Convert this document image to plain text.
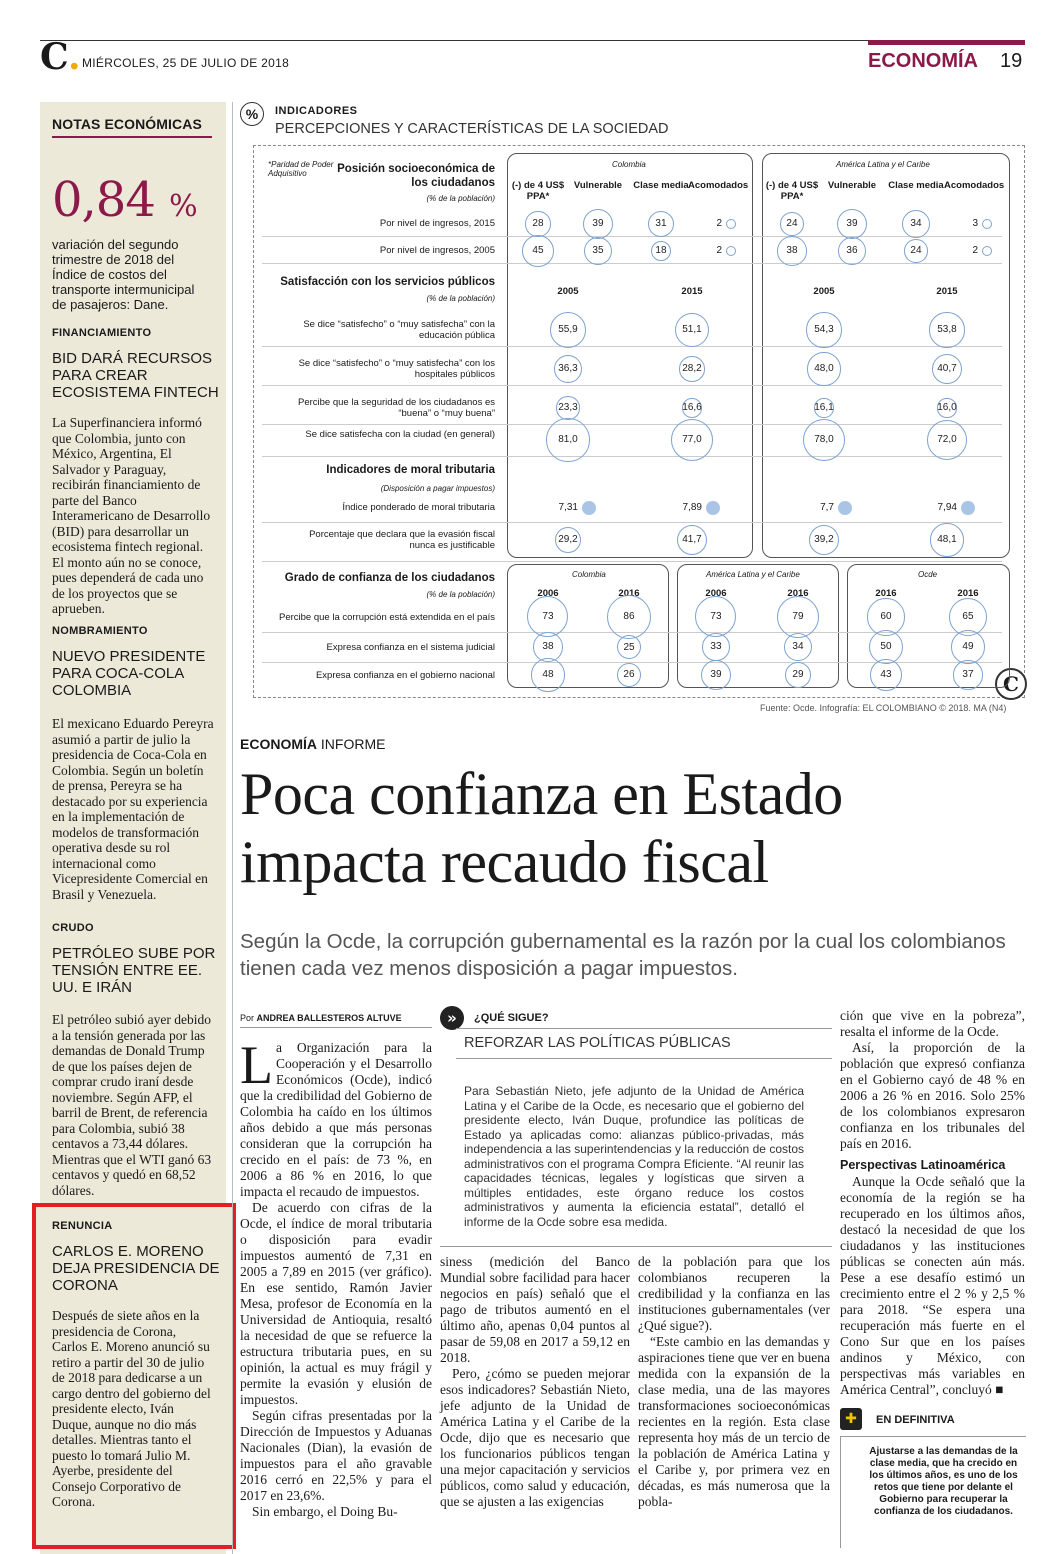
C. MIÉRCOLES, 25 DE JULIO DE 2018	ECONOMÍA 19
NOTAS ECONÓMICAS
0,84 %
variación del segundo trimestre de 2018 del Índice de costos del transporte intermunicipal de pasajeros: Dane.
FINANCIAMIENTO
BID DARÁ RECURSOS PARA CREAR ECOSISTEMA FINTECH
La Superfinanciera informó que Colombia, junto con México, Argentina, El Salvador y Paraguay, recibirán financiamiento de parte del Banco Interamericano de Desarrollo (BID) para desarrollar un ecosistema fintech regional. El monto aún no se conoce, pues dependerá de cada uno de los proyectos que se aprueben.
NOMBRAMIENTO
NUEVO PRESIDENTE PARA COCA-COLA COLOMBIA
El mexicano Eduardo Pereyra asumió a partir de julio la presidencia de Coca-Cola en Colombia. Según un boletín de prensa, Pereyra se ha destacado por su experiencia en la implementación de modelos de transformación operativa desde su rol internacional como Vicepresidente Comercial en Brasil y Venezuela.
CRUDO
PETRÓLEO SUBE POR TENSIÓN ENTRE EE. UU. E IRÁN
El petróleo subió ayer debido a la tensión generada por las demandas de Donald Trump de que los países dejen de comprar crudo iraní desde noviembre. Según AFP, el barril de Brent, de referencia para Colombia, subió 38 centavos a 73,44 dólares. Mientras que el WTI ganó 63 centavos y quedó en 68,52 dólares.
RENUNCIA
CARLOS E. MORENO DEJA PRESIDENCIA DE CORONA
Después de siete años en la presidencia de Corona, Carlos E. Moreno anunció su retiro a partir del 30 de julio de 2018 para dedicarse a un cargo dentro del gobierno del presidente electo, Iván Duque, aunque no dio más detalles. Mientras tanto el puesto lo tomará Julio M. Ayerbe, presidente del Consejo Corporativo de Corona.
%	INDICADORES
PERCEPCIONES Y CARACTERÍSTICAS DE LA SOCIEDAD
Fuente: Ocde. Infografía: EL COLOMBIANO © 2018. MA (N4)
C
Colombia	América Latina y el Caribe
*Paridad de Poder Adquisitivo	Posición socioeconómica de los ciudadanos
(% de la población)
(-) de 4 US$ PPA*
(-) de 4 US$ PPA*
Vulnerable	Vulnerable
Clase media	Clase media
Acomodados	Acomodados
Por nivel de ingresos, 2015	28	39	31	2	24	39	34	3
Por nivel de ingresos, 2005	45	35	18	2	38	36	24	2
Satisfacción con los servicios públicos
(% de la población)
2005	2005
2015	2015
Se dice “satisfecho” o “muy satisfecha” con la educación pública
55,9	51,1	54,3	53,8
Se dice “satisfecho” o “muy satisfecha” con los hospitales públicos
36,3	28,2	48,0	40,7
Percibe que la seguridad de los ciudadanos es “buena” o “muy buena”
23,3	16,6	16,1	16,0
Se dice satisfecha con la ciudad (en general)	81,0	77,0	78,0	72,0
Indicadores de moral tributaria
(Disposición a pagar impuestos)
Índice ponderado de moral tributaria	7,31	7,89	7,7	7,94
Porcentaje que declara que la evasión fiscal nunca es justificable
29,2	41,7	39,2	48,1
Colombia	América Latina y el Caribe	Ocde
Grado de confianza de los ciudadanos
(% de la población)	2006	2016	2006	2016	2016	2016
Percibe que la corrupción está extendida en el país	73	86	73	79	60	65
Expresa confianza en el sistema judicial	38	25	33	34	50	49
Expresa confianza en el gobierno nacional	48	26	39	29	43	37
ECONOMÍA INFORME
Poca confianza en Estado
impacta recaudo fiscal
Según la Ocde, la corrupción gubernamental es la razón por la cual los colombianos tienen cada vez menos disposición a pagar impuestos.
Por ANDREA BALLESTEROS ALTUVE

La Organización para la Cooperación y el Desarrollo Económicos (Ocde), indicó que la credibilidad del Gobierno de Colombia ha caído en los últimos años debido a que más personas consideran que la corrupción ha crecido en el país: de 73 %, en 2006 a 86 % en 2016, lo que impacta el recaudo de impuestos.

De acuerdo con cifras de la Ocde, el índice de moral tributaria o disposición para evadir impuestos aumentó de 7,31 en 2005 a 7,89 en 2015 (ver gráfico). En ese sentido, Ramón Javier Mesa, profesor de Economía en la Universidad de Antioquia, resaltó la necesidad de que se refuerce la estructura tributaria pues, en su opinión, la actual es muy frágil y permite la evasión y elusión de impuestos.

Según cifras presentadas por la Dirección de Impuestos y Aduanas Nacionales (Dian), la evasión de impuestos para el año gravable 2016 cerró en 22,5% y para el 2017 en 23,6%.

Sin embargo, el Doing Bu-

siness (medición del Banco Mundial sobre facilidad para hacer negocios en país) señaló que el pago de tributos aumentó en el último año, apenas 0,04 puntos al pasar de 59,08 en 2017 a 59,12 en 2018.

Pero, ¿cómo se pueden mejorar esos indicadores? Sebastián Nieto, jefe adjunto de la Unidad de América Latina y el Caribe de la Ocde, dijo que es necesario que los funcionarios públicos tengan una mejor capacitación y servicios públicos, como salud y educación, que se ajusten a las exigencias

de la población para que los colombianos recuperen la credibilidad y la confianza en las instituciones gubernamentales (ver ¿Qué sigue?).

“Este cambio en las demandas y aspiraciones tiene que ver en buena medida con la expansión de la clase media, una de las mayores transformaciones socioeconómicas recientes en la región. Esta clase representa hoy más de un tercio de la población de América Latina y el Caribe y, por primera vez en décadas, es más numerosa que la pobla-

ción que vive en la pobreza”, resalta el informe de la Ocde.

Así, la proporción de la población que expresó confianza en el Gobierno cayó de 48 % en 2006 a 26 % en 2016. Solo 25% de los colombianos expresaron confianza en los tribunales del país en 2016.

Perspectivas Latinoamérica

Aunque la Ocde señaló que la economía de la región se ha recuperado en los últimos años, destacó la necesidad de que los ciudadanos y las instituciones públicas se conecten aún más. Pese a ese desafío estimó un crecimiento entre el 2 % y 2,5 % para 2018. “Se espera una recuperación más fuerte en el Cono Sur que en los países andinos y México, con perspectivas más variables en América Central”, concluyó ■

»	¿QUÉ SIGUE?
REFORZAR LAS POLÍTICAS PÚBLICAS
Para Sebastián Nieto, jefe adjunto de la Unidad de América Latina y el Caribe de la Ocde, es necesario que el gobierno del presidente electo, Iván Duque, profundice las políticas de Estado ya aplicadas como: alianzas público-privadas, más independencia a las superintendencias y la reducción de costos administrativos con el programa Compra Eficiente. “Al reunir las capacidades técnicas, legales y logísticas que sirven a múltiples entidades, este órgano reduce los costos administrativos y aumenta la eficiencia estatal”, detalló el informe de la Ocde sobre esa medida.
✚	EN DEFINITIVA
Ajustarse a las demandas de la clase media, que ha crecido en los últimos años, es uno de los retos que tiene por delante el Gobierno para recuperar la confianza de los ciudadanos.
